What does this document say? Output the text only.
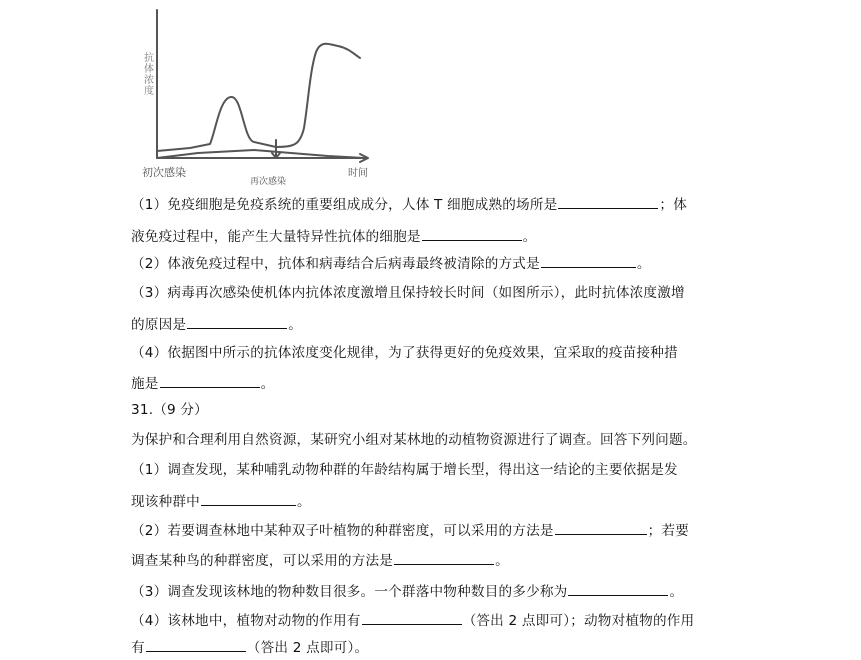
抗体浓度
初次感染
再次感染
时间
（1）免疫细胞是免疫系统的重要组成成分，人体 T 细胞成熟的场所是	；体
液免疫过程中，能产生大量特异性抗体的细胞是	。
（2）体液免疫过程中，抗体和病毒结合后病毒最终被清除的方式是	。
（3）病毒再次感染使机体内抗体浓度激增且保持较长时间（如图所示），此时抗体浓度激增
的原因是	。
（4）依据图中所示的抗体浓度变化规律，为了获得更好的免疫效果，宜采取的疫苗接种措
施是	。
31.（9 分）
为保护和合理利用自然资源，某研究小组对某林地的动植物资源进行了调查。回答下列问题。
（1）调查发现，某种哺乳动物种群的年龄结构属于增长型，得出这一结论的主要依据是发
现该种群中	。
（2）若要调查林地中某种双子叶植物的种群密度，可以采用的方法是	；若要
调查某种鸟的种群密度，可以采用的方法是	。
（3）调查发现该林地的物种数目很多。一个群落中物种数目的多少称为	。
（4）该林地中，植物对动物的作用有	（答出 2 点即可）；动物对植物的作用
有	（答出 2 点即可）。
